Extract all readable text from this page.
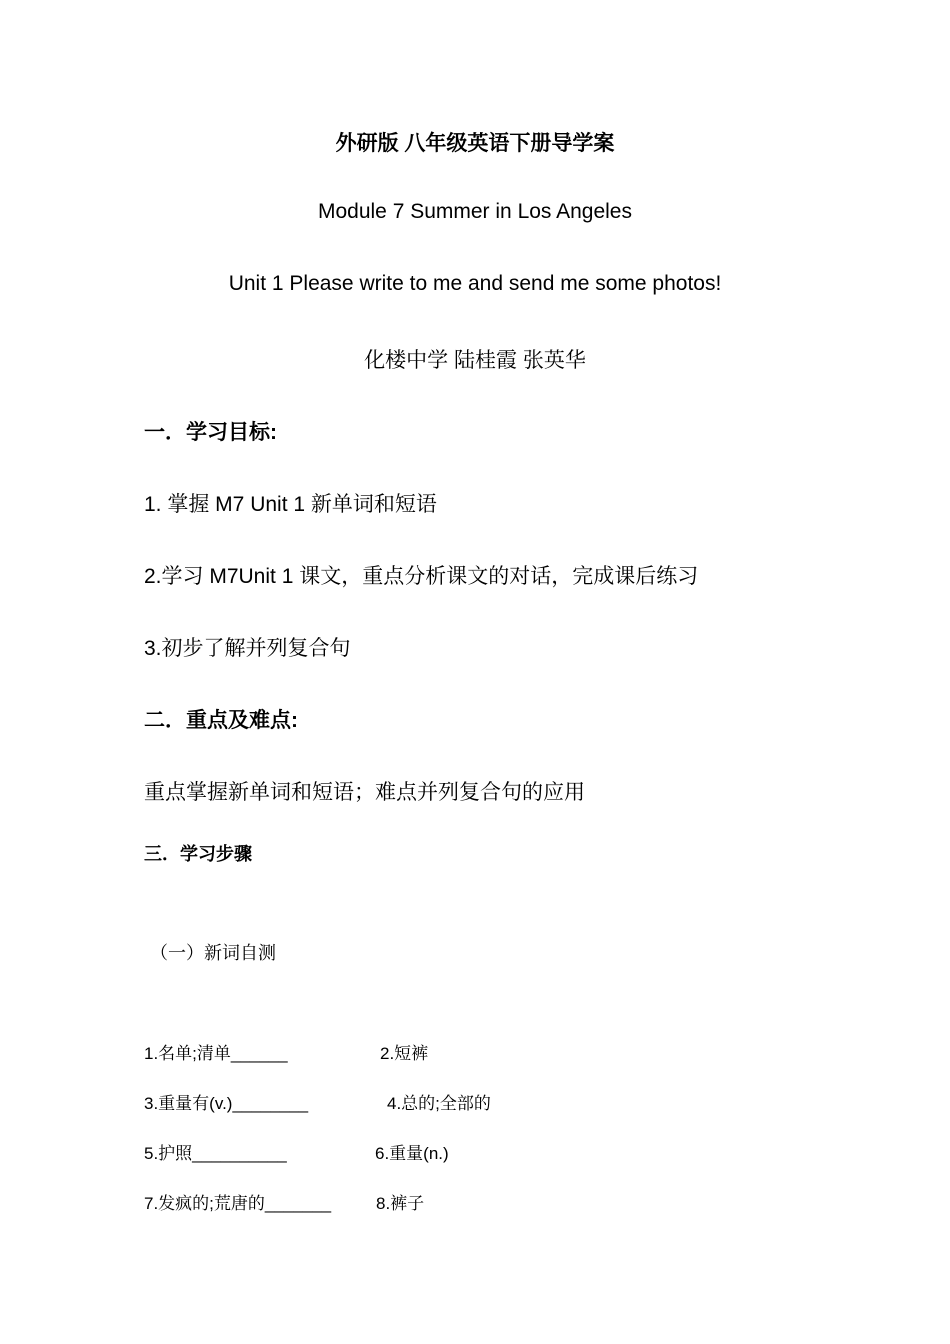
外研版 八年级英语下册导学案
Module 7 Summer in Los Angeles
Unit 1 Please write to me and send me some photos!
化楼中学 陆桂霞 张英华
一．学习目标:
1. 掌握 M7 Unit 1 新单词和短语
2.学习 M7Unit 1 课文，重点分析课文的对话，完成课后练习
3.初步了解并列复合句
二．重点及难点:
重点掌握新单词和短语；难点并列复合句的应用
三．学习步骤
（一）新词自测
1.名单;清单______	2.短裤
3.重量有(v.)________	4.总的;全部的
5.护照__________	6.重量(n.)
7.发疯的;荒唐的_______	8.裤子
